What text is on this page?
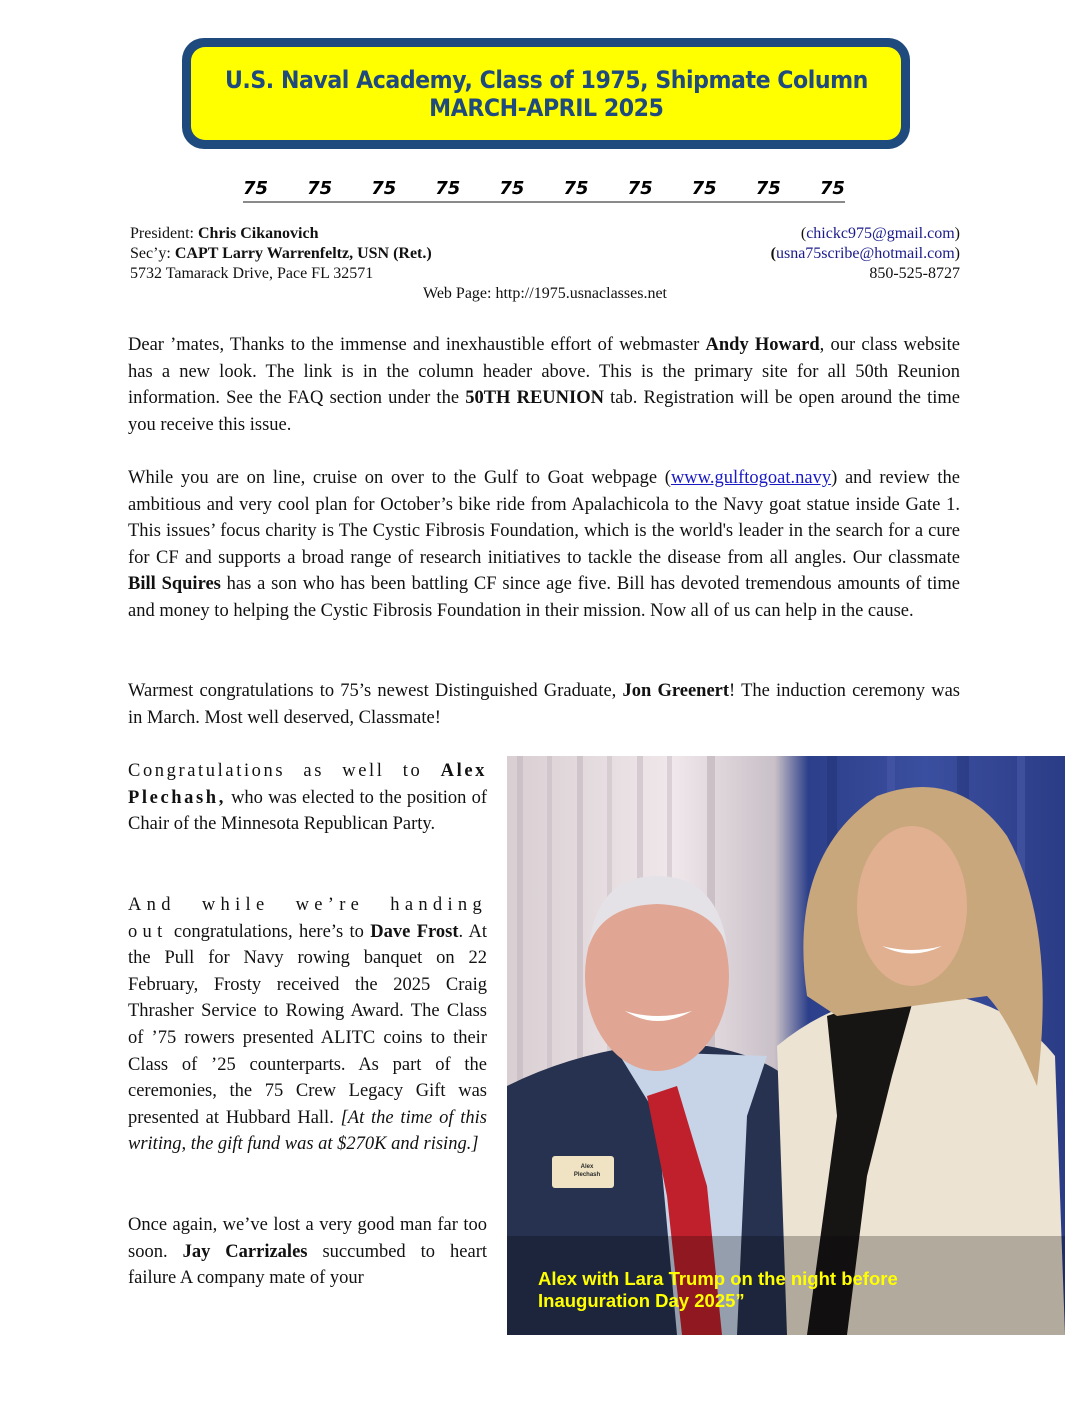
U.S. Naval Academy, Class of 1975, Shipmate Column
MARCH-APRIL 2025
75 75 75 75 75 75 75 75 75 75
President: Chris Cikanovich	(chickc975@gmail.com)
Sec’y: CAPT Larry Warrenfeltz, USN (Ret.)	(usna75scribe@hotmail.com)
5732 Tamarack Drive, Pace FL 32571	850-525-8727
Web Page: http://1975.usnaclasses.net

Dear ’mates, Thanks to the immense and inexhaustible effort of webmaster Andy Howard, our class website has a new look. The link is in the column header above. This is the primary site for all 50th Reunion information. See the FAQ section under the 50TH REUNION tab. Registration will be open around the time you receive this issue.

While you are on line, cruise on over to the Gulf to Goat webpage (www.gulftogoat.navy) and review the ambitious and very cool plan for October’s bike ride from Apalachicola to the Navy goat statue inside Gate 1. This issues’ focus charity is The Cystic Fibrosis Foundation, which is the world's leader in the search for a cure for CF and supports a broad range of research initiatives to tackle the disease from all angles. Our classmate Bill Squires has a son who has been battling CF since age five. Bill has devoted tremendous amounts of time and money to helping the Cystic Fibrosis Foundation in their mission. Now all of us can help in the cause.

Warmest congratulations to 75’s newest Distinguished Graduate, Jon Greenert! The induction ceremony was in March. Most well deserved, Classmate!

Congratulations as well to Alex Plechash, who was elected to the position of Chair of the Minnesota Republican Party.

And while we’re handing out congratulations, here’s to Dave Frost. At the Pull for Navy rowing banquet on 22 February, Frosty received the 2025 Craig Thrasher Service to Rowing Award. The Class of ’75 rowers presented ALITC coins to their Class of ’25 counterparts. As part of the ceremonies, the 75 Crew Legacy Gift was presented at Hubbard Hall. [At the time of this writing, the gift fund was at $270K and rising.]

Once again, we’ve lost a very good man far too soon. Jay Carrizales succumbed to heart failure A company mate of your

Alex
Plechash
Alex with Lara Trump on the night before
Inauguration Day 2025”
